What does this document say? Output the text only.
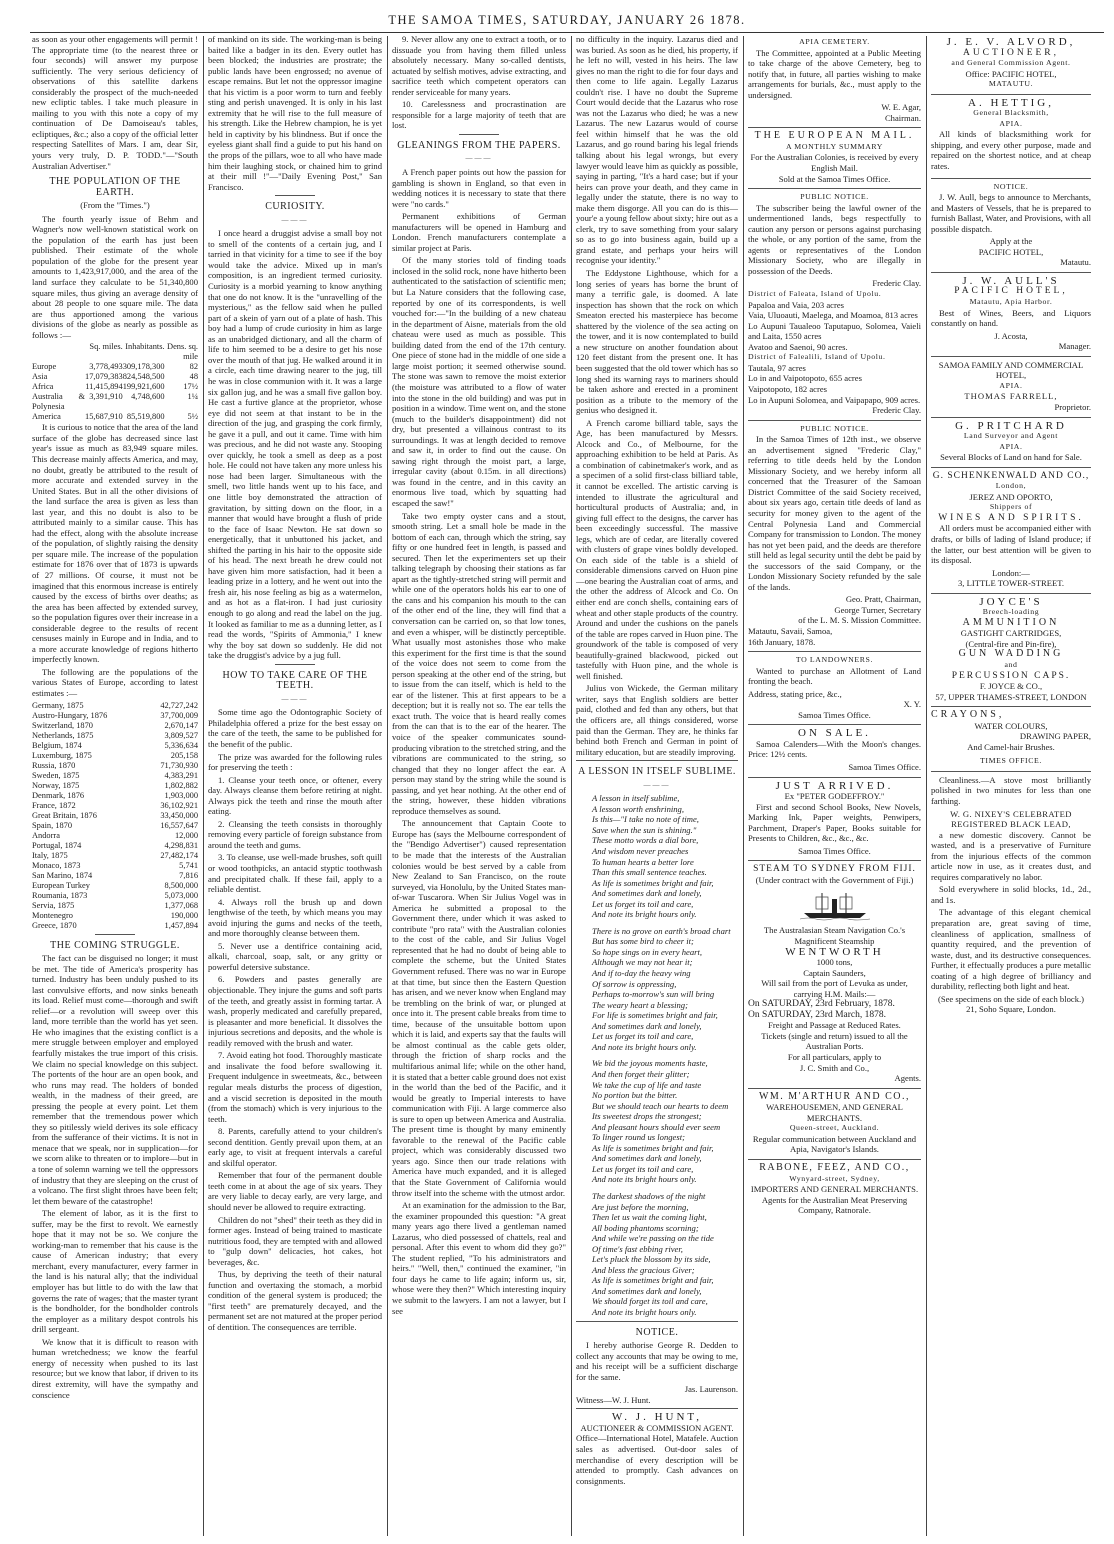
THE SAMOA TIMES, SATURDAY, JANUARY 26 1878.

as soon as your other engagements will permit ! The appropriate time (to the nearest three or four seconds) will answer my purpose sufficiently. The very serious deficiency of observations of this satellite darkens considerably the prospect of the much-needed new ecliptic tables. I take much pleasure in mailing to you with this note a copy of my continuation of De Damoiseau's tables, ecliptiques, &c.; also a copy of the official letter respecting Satellites of Mars. I am, dear Sir, yours very truly, D. P. TODD."—"South Australian Advertiser."

THE POPULATION OF THE EARTH.
(From the "Times.")

The fourth yearly issue of Behm and Wagner's now well-known statistical work on the population of the earth has just been published. Their estimate of the whole population of the globe for the present year amounts to 1,423,917,000, and the area of the land surface they calculate to be 51,340,800 square miles, thus giving an average density of about 28 people to one square mile. The data are thus apportioned among the various divisions of the globe as nearly as possible as follows :—

	Sq. miles.	Inhabitants.	Dens. sq. mile
Europe	3,778,493	309,178,300	82
Asia	17,079,383	824,548,500	48
Africa	11,415,894	199,921,600	17½
Australia & Polynesia	3,391,910	4,748,600	1¼
America	15,687,910	85,519,800	5½

It is curious to notice that the area of the land surface of the globe has decreased since last year's issue as much as 83,949 square miles. This decrease mainly affects America, and may, no doubt, greatly be attributed to the result of more accurate and extended survey in the United States. But in all the other divisions of the land surface the area is given as less than last year, and this no doubt is also to be attributed mainly to a similar cause. This has had the effect, along with the absolute increase of the population, of slightly raising the density per square mile. The increase of the population estimate for 1876 over that of 1873 is upwards of 27 millions. Of course, it must not be imagined that this enormous increase is entirely caused by the excess of births over deaths; as the area has been affected by extended survey, so the population figures over their increase in a considerable degree to the results of recent censuses mainly in Europe and in India, and to a more accurate knowledge of regions hitherto imperfectly known.

The following are the populations of the various States of Europe, according to latest estimates :—

Germany, 1875	42,727,242
Austro-Hungary, 1876	37,700,009
Switzerland, 1870	2,670,147
Netherlands, 1875	3,809,527
Belgium, 1874	5,336,634
Luxemburg, 1875	205,158
Russia, 1870	71,730,930
Sweden, 1875	4,383,291
Norway, 1875	1,802,882
Denmark, 1876	1,903,000
France, 1872	36,102,921
Great Britain, 1876	33,450,000
Spain, 1870	16,557,647
Andorra	12,000
Portugal, 1874	4,298,831
Italy, 1875	27,482,174
Monaco, 1873	5,741
San Marino, 1874	7,816
European Turkey	8,500,000
Roumania, 1873	5,073,000
Servia, 1875	1,377,068
Montenegro	190,000
Greece, 1870	1,457,894
THE COMING STRUGGLE.

The fact can be disguised no longer; it must be met. The tide of America's prosperity has turned. Industry has been unduly pushed to its last convulsive efforts, and now sinks beneath its load. Relief must come—thorough and swift relief—or a revolution will sweep over this land, more terrible than the world has yet seen. He who imagines that the existing conflict is a mere struggle between employer and employed fearfully mistakes the true import of this crisis. We claim no special knowledge on this subject. The portents of the hour are an open book, and who runs may read. The holders of bonded wealth, in the madness of their greed, are pressing the people at every point. Let them remember that the tremendous power which they so pitilessly wield derives its sole efficacy from the sufferance of their victims. It is not in menace that we speak, nor in supplication—for we scorn alike to threaten or to implore—but in a tone of solemn warning we tell the oppressors of industry that they are sleeping on the crust of a volcano. The first slight throes have been felt; let them beware of the catastrophe!

The element of labor, as it is the first to suffer, may be the first to revolt. We earnestly hope that it may not be so. We conjure the working-man to remember that his cause is the cause of American industry; that every merchant, every manufacturer, every farmer in the land is his natural ally; that the individual employer has but little to do with the law that governs the rate of wages; that the master tyrant is the bondholder, for the bondholder controls the employer as a military despot controls his drill sergeant.

We know that it is difficult to reason with human wretchedness; we know the fearful energy of necessity when pushed to its last resource; but we know that labor, if driven to its direst extremity, will have the sympathy and conscience

of mankind on its side. The working-man is being baited like a badger in its den. Every outlet has been blocked; the industries are prostrate; the public lands have been engrossed; no avenue of escape remains. But let not the oppressor imagine that his victim is a poor worm to turn and feebly sting and perish unavenged. It is only in his last extremity that he will rise to the full measure of his strength. Like the Hebrew champion, he is yet held in captivity by his blindness. But if once the eyeless giant shall find a guide to put his hand on the props of the pillars, woe to all who have made him their laughing stock, or chained him to grind at their mill !"—"Daily Evening Post," San Francisco.

CURIOSITY.
———

I once heard a druggist advise a small boy not to smell of the contents of a certain jug, and I tarried in that vicinity for a time to see if the boy would take the advice. Mixed up in man's composition, is an ingredient termed curiosity. Curiosity is a morbid yearning to know anything that one do not know. It is the "unravelling of the mysterious," as the fellow said when he pulled part of a skein of yarn out of a plate of hash. This boy had a lump of crude curiosity in him as large as an unabridged dictionary, and all the charm of life to him seemed to be a desire to get his nose over the mouth of that jug. He walked around it in a circle, each time drawing nearer to the jug, till he was in close communion with it. It was a large six gallon jug, and he was a small five gallon boy. He cast a furtive glance at the proprietor, whose eye did not seem at that instant to be in the direction of the jug, and grasping the cork firmly, he gave it a pull, and out it came. Time with him was precious, and he did not waste any. Stooping over quickly, he took a smell as deep as a post hole. He could not have taken any more unless his nose had been larger. Simultaneous with the smell, two little hands went up to his face, and one little boy demonstrated the attraction of gravitation, by sitting down on the floor, in a manner that would have brought a flush of pride to the face of Isaac Newton. He sat down so energetically, that it unbuttoned his jacket, and shifted the parting in his hair to the opposite side of his head. The next breath he drew could not have given him more satisfaction, had it been a leading prize in a lottery, and he went out into the fresh air, his nose feeling as big as a watermelon, and as hot as a flat-iron. I had just curiosity enough to go along and read the label on the jug. It looked as familiar to me as a dunning letter, as I read the words, "Spirits of Ammonia," I knew why the boy sat down so suddenly. He did not take the druggist's advice by a jug full.

HOW TO TAKE CARE OF THE TEETH.
———

Some time ago the Odontographic Society of Philadelphia offered a prize for the best essay on the care of the teeth, the same to be published for the benefit of the public.

The prize was awarded for the following rules for preserving the teeth :

1. Cleanse your teeth once, or oftener, every day. Always cleanse them before retiring at night. Always pick the teeth and rinse the mouth after eating.

2. Cleansing the teeth consists in thoroughly removing every particle of foreign substance from around the teeth and gums.

3. To cleanse, use well-made brushes, soft quill or wood toothpicks, an antacid styptic toothwash and precipitated chalk. If these fail, apply to a reliable dentist.

4. Always roll the brush up and down lengthwise of the teeth, by which means you may avoid injuring the gums and necks of the teeth, and more thoroughly cleanse between them.

5. Never use a dentifrice containing acid, alkali, charcoal, soap, salt, or any gritty or powerful detersive substance.

6. Powders and pastes generally are objectionable. They injure the gums and soft parts of the teeth, and greatly assist in forming tartar. A wash, properly medicated and carefully prepared, is pleasanter and more beneficial. It dissolves the injurious secretions and deposits, and the whole is readily removed with the brush and water.

7. Avoid eating hot food. Thoroughly masticate and insalivate the food before swallowing it. Frequent indulgence in sweetmeats, &c., between regular meals disturbs the process of digestion, and a viscid secretion is deposited in the mouth (from the stomach) which is very injurious to the teeth.

8. Parents, carefully attend to your children's second dentition. Gently prevail upon them, at an early age, to visit at frequent intervals a careful and skilful operator.

Remember that four of the permanent double teeth come in at about the age of six years. They are very liable to decay early, are very large, and should never be allowed to require extracting.

Children do not "shed" their teeth as they did in former ages. Instead of being trained to masticate nutritious food, they are tempted with and allowed to "gulp down" delicacies, hot cakes, hot beverages, &c.

Thus, by depriving the teeth of their natural function and overtaxing the stomach, a morbid condition of the general system is produced; the "first teeth" are prematurely decayed, and the permanent set are not matured at the proper period of dentition. The consequences are terrible.

9. Never allow any one to extract a tooth, or to dissuade you from having them filled unless absolutely necessary. Many so-called dentists, actuated by selfish motives, advise extracting, and sacrifice teeth which competent operators can render serviceable for many years.

10. Carelessness and procrastination are responsible for a large majority of teeth that are lost.

GLEANINGS FROM THE PAPERS.
———

A French paper points out how the passion for gambling is shown in England, so that even in wedding notices it is necessary to state that there were "no cards."

Permanent exhibitions of German manufacturers will be opened in Hamburg and London. French manufacturers contemplate a similar project at Paris.

Of the many stories told of finding toads inclosed in the solid rock, none have hitherto been authenticated to the satisfaction of scientific men; but La Nature considers that the following case, reported by one of its correspondents, is well vouched for:—"In the building of a new chateau in the department of Aisne, materials from the old chateau were used as much as possible. This building dated from the end of the 17th century. One piece of stone had in the middle of one side a large moist portion; it seemed otherwise sound. The stone was sawn to remove the moist exterior (the moisture was attributed to a flow of water into the stone in the old building) and was put in position in a window. Time went on, and the stone (much to the builder's disappointment) did not dry, but presented a villainous contrast to its surroundings. It was at length decided to remove and saw it, in order to find out the cause. On sawing right through the moist part, a large, irregular cavity (about 0.15m. in all directions) was found in the centre, and in this cavity an enormous live toad, which by squatting had escaped the saw!"

Take two empty oyster cans and a stout, smooth string. Let a small hole be made in the bottom of each can, through which the string, say fifty or one hundred feet in length, is passed and secured. Then let the experimenters set up their talking telegraph by choosing their stations as far apart as the tightly-stretched string will permit and while one of the operators holds his ear to one of the cans and his companion his mouth to the can of the other end of the line, they will find that a conversation can be carried on, so that low tones, and even a whisper, will be distinctly perceptible. What usually most astonishes those who make this experiment for the first time is that the sound of the voice does not seem to come from the person speaking at the other end of the string, but to issue from the can itself, which is held to the ear of the listener. This at first appears to be a deception; but it is really not so. The ear tells the exact truth. The voice that is heard really comes from the can that is to the ear of the hearer. The voice of the speaker communicates sound-producing vibration to the stretched string, and the vibrations are communicated to the string, so changed that they no longer affect the ear. A person may stand by the string while the sound is passing, and yet hear nothing. At the other end of the string, however, these hidden vibrations reproduce themselves as sound.

The announcement that Captain Coote to Europe has (says the Melbourne correspondent of the "Bendigo Advertiser") caused representation to be made that the interests of the Australian colonies would be best served by a cable from New Zealand to San Francisco, on the route surveyed, via Honolulu, by the United States man-of-war Tuscarora. When Sir Julius Vogel was in America he submitted a proposal to the Government there, under which it was asked to contribute "pro rata" with the Australian colonies to the cost of the cable, and Sir Julius Vogel represented that he had no doubt of being able to complete the scheme, but the United States Government refused. There was no war in Europe at that time, but since then the Eastern Question has arisen, and we never know when England may be trembling on the brink of war, or plunged at once into it. The present cable breaks from time to time, because of the unsuitable bottom upon which it is laid, and experts say that the faults will be almost continual as the cable gets older, through the friction of sharp rocks and the multifarious animal life; while on the other hand, it is stated that a better cable ground does not exist in the world than the bed of the Pacific, and it would be greatly to Imperial interests to have communication with Fiji. A large commerce also is sure to open up between America and Australia. The present time is thought by many eminently favorable to the renewal of the Pacific cable project, which was considerably discussed two years ago. Since then our trade relations with America have much expanded, and it is alleged that the State Government of California would throw itself into the scheme with the utmost ardor.

At an examination for the admission to the Bar, the examiner propounded this question: "A great many years ago there lived a gentleman named Lazarus, who died possessed of chattels, real and personal. After this event to whom did they go?" The student replied, "To his administrators and heirs." "Well, then," continued the examiner, "in four days he came to life again; inform us, sir, whose were they then?" Which interesting inquiry we submit to the lawyers. I am not a lawyer, but I see

no difficulty in the inquiry. Lazarus died and was buried. As soon as he died, his property, if he left no will, vested in his heirs. The law gives no man the right to die for four days and then come to life again. Legally Lazarus couldn't rise. I have no doubt the Supreme Court would decide that the Lazarus who rose was not the Lazarus who died; he was a new Lazarus. The new Lazarus would of course feel within himself that he was the old Lazarus, and go round baring his legal friends talking about his legal wrongs, but every lawyer would leave him as quickly as possible, saying in parting, "It's a hard case; but if your heirs can prove your death, and they came in legally under the statute, there is no way to make them disgorge. All you can do is this—your'e a young fellow about sixty; hire out as a clerk, try to save something from your salary so as to go into business again, build up a grand estate, and perhaps your heirs will recognise your identity."

The Eddystone Lighthouse, which for a long series of years has borne the brunt of many a terrific gale, is doomed. A late inspection has shown that the rock on which Smeaton erected his masterpiece has become shattered by the violence of the sea acting on the tower, and it is now contemplated to build a new structure on another foundation about 120 feet distant from the present one. It has been suggested that the old tower which has so long shed its warning rays to mariners should be taken ashore and erected in a prominent position as a tribute to the memory of the genius who designed it.

A French carome billiard table, says the Age, has been manufactured by Messrs. Alcock and Co., of Melbourne, for the approaching exhibition to be held at Paris. As a combination of cabinetmaker's work, and as a specimen of a solid first-class billiard table, it cannot be excelled. The artistic carving is intended to illustrate the agricultural and horticultural products of Australia; and, in giving full effect to the designs, the carver has been exceedingly successful. The massive legs, which are of cedar, are literally covered with clusters of grape vines boldly developed. On each side of the table is a shield of considerable dimensions carved on Huon pine—one bearing the Australian coat of arms, and the other the address of Alcock and Co. On either end are conch shells, containing ears of wheat and other staple products of the country. Around and under the cushions on the panels of the table are ropes carved in Huon pine. The groundwork of the table is composed of very beautifully-grained blackwood, picked out tastefully with Huon pine, and the whole is well finished.

Julius von Wickede, the German military writer, says that English soldiers are better paid, clothed and fed than any others, but that the officers are, all things considered, worse paid than the German. They are, he thinks far behind both French and German in point of military education, but are steadily improving.

A LESSON IN ITSELF SUBLIME.
———
A lesson in itself sublime,
A lesson worth enshrining,
Is this—"I take no note of time,
Save when the sun is shining."
These motto words a dial bore,
And wisdom never preaches
To human hearts a better lore
Than this small sentence teaches.
As life is sometimes bright and fair,
And sometimes dark and lonely,
Let us forget its toil and care,
And note its bright hours only.
There is no grove on earth's broad chart
But has some bird to cheer it;
So hope sings on in every heart,
Although we may not hear it;
And if to-day the heavy wing
Of sorrow is oppressing,
Perhaps to-morrow's sun will bring
The weary heart a blessing;
For life is sometimes bright and fair,
And sometimes dark and lonely,
Let us forget its toil and care,
And note its bright hours only.
We bid the joyous moments haste,
And then forget their glitter;
We take the cup of life and taste
No portion but the bitter.
But we should teach our hearts to deem
Its sweetest drops the strongest;
And pleasant hours should ever seem
To linger round us longest;
As life is sometimes bright and fair,
And sometimes dark and lonely,
Let us forget its toil and care,
And note its bright hours only.
The darkest shadows of the night
Are just before the morning,
Then let us wait the coming light,
All boding phantoms scorning;
And while we're passing on the tide
Of time's fast ebbing river,
Let's pluck the blossom by its side,
And bless the gracious Giver;
As life is sometimes bright and fair,
And sometimes dark and lonely,
We should forget its toil and care,
And note its bright hours only.
NOTICE.

I hereby authorise George R. Dedden to collect any accounts that may be owing to me, and his receipt will be a sufficient discharge for the same.

Jas. Laurenson.
Witness—W. J. Hunt.
W. J. HUNT,
AUCTIONEER & COMMISSION AGENT.

Office—International Hotel, Matafele. Auction sales as advertised. Out-door sales of merchandise of every description will be attended to promptly. Cash advances on consignments.

APIA CEMETERY.

The Committee, appointed at a Public Meeting to take charge of the above Cemetery, beg to notify that, in future, all parties wishing to make arrangements for burials, &c., must apply to the undersigned.

W. E. Agar,
Chairman.
THE EUROPEAN MAIL.
A MONTHLY SUMMARY
For the Australian Colonies, is received by every English Mail.
Sold at the Samoa Times Office.
PUBLIC NOTICE.

The subscriber being the lawful owner of the undermentioned lands, begs respectfully to caution any person or persons against purchasing the whole, or any portion of the same, from the agents or representatives of the London Missionary Society, who are illegally in possession of the Deeds.

Frederic Clay.
District of Faleata, Island of Upolu.
Papaloa and Vaia, 203 acres
Vaia, Uluoauti, Maelega, and Moamoa, 813 acres
Lo Aupuni Taualeoo Taputapuo, Solomea, Vaieli and Laita, 1550 acres
Avatoo and Saenoi, 90 acres.
District of Falealili, Island of Upolu.
Tautala, 97 acres
Lo in and Vaipotopoto, 655 acres
Vaipotopoto, 182 acres
Lo in Aupuni Solomea, and Vaipapapo, 909 acres.
Frederic Clay.
PUBLIC NOTICE.

In the Samoa Times of 12th inst., we observe an advertisement signed "Frederic Clay," referring to title deeds held by the London Missionary Society, and we hereby inform all concerned that the Treasurer of the Samoan District Committee of the said Society received, about six years ago, certain title deeds of land as security for money given to the agent of the Central Polynesia Land and Commercial Company for transmission to London. The money has not yet been paid, and the deeds are therefore still held as legal security until the debt be paid by the successors of the said Company, or the London Missionary Society refunded by the sale of the lands.

Geo. Pratt, Chairman,
George Turner, Secretary
of the L. M. S. Mission Committee.
Matautu, Savaii, Samoa,
16th January, 1878.
TO LANDOWNERS.

Wanted to purchase an Allotment of Land fronting the beach.

Address, stating price, &c.,
X. Y.
Samoa Times Office.
ON SALE.

Samoa Calenders—With the Moon's changes. Price: 12½ cents.

Samoa Times Office.
JUST ARRIVED.
Ex "PETER GODEFFROY."

First and second School Books, New Novels, Marking Ink, Paper weights, Penwipers, Parchment, Draper's Paper, Books suitable for Presents to Children, &c., &c., &c.

Samoa Times Office.
STEAM TO SYDNEY FROM FIJI.
(Under contract with the Government of Fiji.)
The Australasian Steam Navigation Co.'s Magnificent Steamship
WENTWORTH
1000 tons,
Captain Saunders,
Will sail from the port of Levuka as under, carrying H.M. Mails:—
On SATURDAY, 23rd February, 1878.
On SATURDAY, 23rd March, 1878.
Freight and Passage at Reduced Rates.
Tickets (single and return) issued to all the Australian Ports.
For all particulars, apply to
J. C. Smith and Co.,
Agents.
WM. M'ARTHUR AND CO.,
WAREHOUSEMEN, AND GENERAL MERCHANTS.
Queen-street, Auckland.
Regular communication between Auckland and Apia, Navigator's Islands.
RABONE, FEEZ, AND CO.,
Wynyard-street, Sydney,
IMPORTERS AND GENERAL MERCHANTS.
Agents for the Australian Meat Preserving Company, Ratnorale.
J. E. V. ALVORD,
AUCTIONEER,
and General Commission Agent.
Office: PACIFIC HOTEL,
MATAUTU.
A. HETTIG,
General Blacksmith,
APIA.

All kinds of blacksmithing work for shipping, and every other purpose, made and repaired on the shortest notice, and at cheap rates.

NOTICE.

J. W. Aull, begs to announce to Merchants, and Masters of Vessels, that he is prepared to furnish Ballast, Water, and Provisions, with all possible dispatch.

Apply at the
PACIFIC HOTEL,
Matautu.
J. W. AULL'S
PACIFIC HOTEL,
Matautu, Apia Harbor.

Best of Wines, Beers, and Liquors constantly on hand.

J. Acosta,
Manager.
SAMOA FAMILY AND COMMERCIAL HOTEL,
APIA.
THOMAS FARRELL,
Proprietor.
G. PRITCHARD
Land Surveyor and Agent
APIA.
Several Blocks of Land on hand for Sale.
G. SCHENKENWALD AND CO.,
London,
JEREZ AND OPORTO,
Shippers of
WINES AND SPIRITS.

All orders must be accompanied either with drafts, or bills of lading of Island produce; if the latter, our best attention will be given to its disposal.

London:—
3, LITTLE TOWER-STREET.
JOYCE'S
Breech-loading
AMMUNITION
GASTIGHT CARTRIDGES,
(Central-fire and Pin-fire),
GUN WADDING
and
PERCUSSION CAPS.
F. JOYCE & CO.,
57, UPPER THAMES-STREET, LONDON
CRAYONS,
WATER COLOURS,
DRAWING PAPER,
And Camel-hair Brushes.
TIMES OFFICE.

Cleanliness.—A stove most brilliantly polished in two minutes for less than one farthing.

W. G. NIXEY'S CELEBRATED REGISTERED BLACK LEAD,

a new domestic discovery. Cannot be wasted, and is a preservative of Furniture from the injurious effects of the common article now in use, as it creates dust, and requires comparatively no labor.

Sold everywhere in solid blocks, 1d., 2d., and 1s.

The advantage of this elegant chemical preparation are, great saving of time, cleanliness of application, smallness of quantity required, and the prevention of waste, dust, and its destructive consequences. Further, it effectually produces a pure metallic coating of a high degree of brilliancy and durability, reflecting both light and heat.

(See specimens on the side of each block.)
21, Soho Square, London.
